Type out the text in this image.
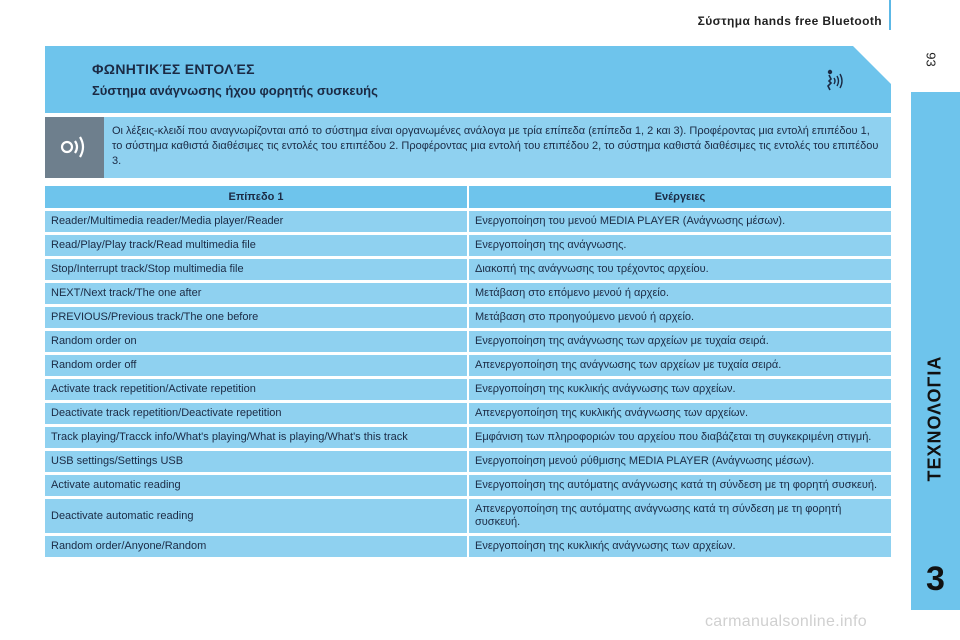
Σύστημα hands free Bluetooth
93
3
ΦΩΝΗΤΙΚΈΣ ΕΝΤΟΛΈΣ
Σύστημα ανάγνωσης ήχου φορητής συσκευής
Οι λέξεις-κλειδί που αναγνωρίζονται από το σύστημα είναι οργανωμένες ανάλογα με τρία επίπεδα (επίπεδα 1, 2 και 3). Προφέροντας μια εντολή επιπέδου 1, το σύστημα καθιστά διαθέσιμες τις εντολές του επιπέδου 2. Προφέροντας μια εντολή του επιπέδου 2, το σύστημα καθιστά διαθέσιμες τις εντολές του επιπέδου 3.
Επίπεδο 1	Ενέργειες
Reader/Multimedia reader/Media player/Reader	Ενεργοποίηση του μενού MEDIA PLAYER (Ανάγνωσης μέσων).
Read/Play/Play track/Read multimedia file	Ενεργοποίηση της ανάγνωσης.
Stop/Interrupt track/Stop multimedia file	Διακοπή της ανάγνωσης του τρέχοντος αρχείου.
NEXT/Next track/The one after	Μετάβαση στο επόμενο μενού ή αρχείο.
PREVIOUS/Previous track/The one before	Μετάβαση στο προηγούμενο μενού ή αρχείο.
Random order on	Ενεργοποίηση της ανάγνωσης των αρχείων με τυχαία σειρά.
Random order off	Απενεργοποίηση της ανάγνωσης των αρχείων με τυχαία σειρά.
Activate track repetition/Activate repetition	Ενεργοποίηση της κυκλικής ανάγνωσης των αρχείων.
Deactivate track repetition/Deactivate repetition	Απενεργοποίηση της κυκλικής ανάγνωσης των αρχείων.
Track playing/Tracck info/What's playing/What is playing/What's this track	Εμφάνιση των πληροφοριών του αρχείου που διαβάζεται τη συγκεκριμένη στιγμή.
USB settings/Settings USB	Ενεργοποίηση μενού ρύθμισης MEDIA PLAYER (Ανάγνωσης μέσων).
Activate automatic reading	Ενεργοποίηση της αυτόματης ανάγνωσης κατά τη σύνδεση με τη φορητή συσκευή.
Deactivate automatic reading	Απενεργοποίηση της αυτόματης ανάγνωσης κατά τη σύνδεση με τη φορητή συσκευή.
Random order/Anyone/Random	Ενεργοποίηση της κυκλικής ανάγνωσης των αρχείων.
carmanualsonline.info
